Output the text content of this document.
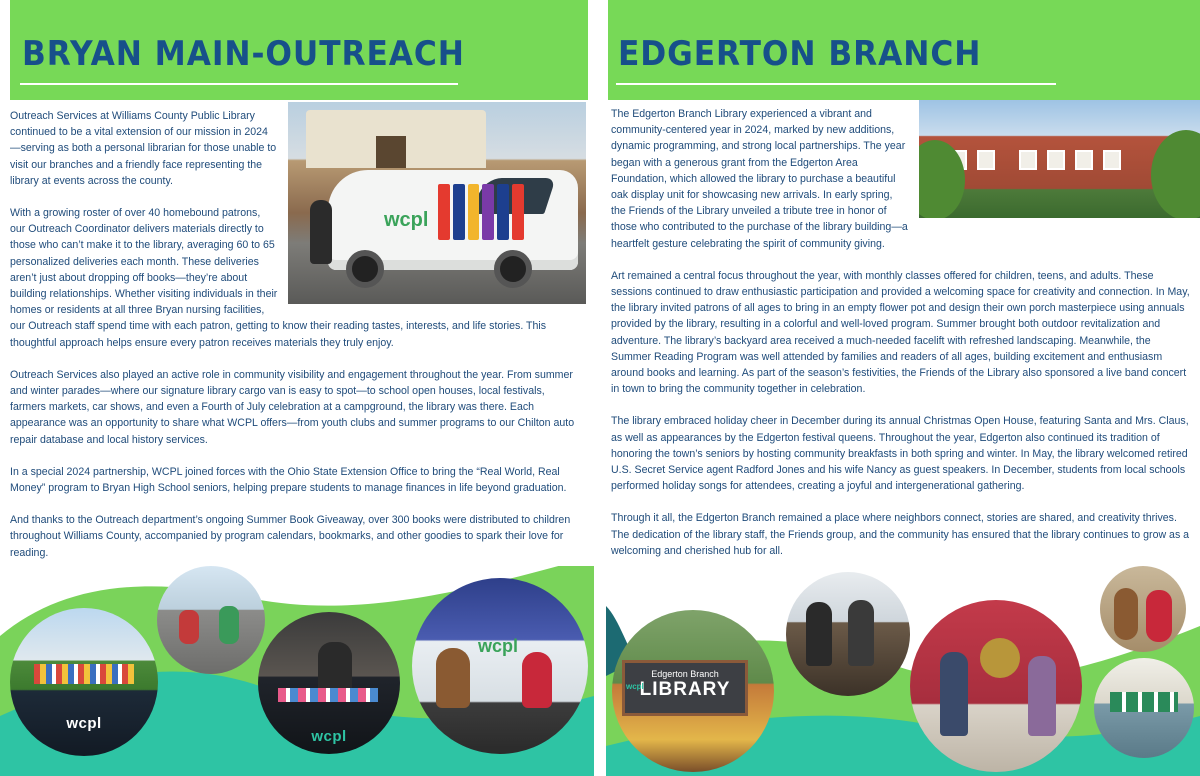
BRYAN MAIN-OUTREACH
wcpl

Outreach Services at Williams County Public Library continued to be a vital extension of our mission in 2024—serving as both a personal librarian for those unable to visit our branches and a friendly face representing the library at events across the county.

With a growing roster of over 40 homebound patrons, our Outreach Coordinator delivers materials directly to those who can’t make it to the library, averaging 60 to 65 personalized deliveries each month. These deliveries aren’t just about dropping off books—they’re about building relationships. Whether visiting individuals in their homes or residents at all three Bryan nursing facilities, our Outreach staff spend time with each patron, getting to know their reading tastes, interests, and life stories. This thoughtful approach helps ensure every patron receives materials they truly enjoy.

Outreach Services also played an active role in community visibility and engagement throughout the year. From summer and winter parades—where our signature library cargo van is easy to spot—to school open houses, local festivals, farmers markets, car shows, and even a Fourth of July celebration at a campground, the library was there. Each appearance was an opportunity to share what WCPL offers—from youth clubs and summer programs to our Chilton auto repair database and local history services.

In a special 2024 partnership, WCPL joined forces with the Ohio State Extension Office to bring the “Real World, Real Money” program to Bryan High School seniors, helping prepare students to manage finances in life beyond graduation.

And thanks to the Outreach department’s ongoing Summer Book Giveaway, over 300 books were distributed to children throughout Williams County, accompanied by program calendars, bookmarks, and other goodies to spark their love for reading.

wcpl
wcpl
wcpl
EDGERTON BRANCH

The Edgerton Branch Library experienced a vibrant and community-centered year in 2024, marked by new additions, dynamic programming, and strong local partnerships. The year began with a generous grant from the Edgerton Area Foundation, which allowed the library to purchase a beautiful oak display unit for showcasing new arrivals. In early spring, the Friends of the Library unveiled a tribute tree in honor of those who contributed to the purchase of the library building—a heartfelt gesture celebrating the spirit of community giving.

Art remained a central focus throughout the year, with monthly classes offered for children, teens, and adults. These sessions continued to draw enthusiastic participation and provided a welcoming space for creativity and connection. In May, the library invited patrons of all ages to bring in an empty flower pot and design their own porch masterpiece using annuals provided by the library, resulting in a colorful and well-loved program. Summer brought both outdoor revitalization and adventure. The library’s backyard area received a much-needed facelift with refreshed landscaping. Meanwhile, the Summer Reading Program was well attended by families and readers of all ages, building excitement and enthusiasm around books and learning. As part of the season’s festivities, the Friends of the Library also sponsored a live band concert in town to bring the community together in celebration.

The library embraced holiday cheer in December during its annual Christmas Open House, featuring Santa and Mrs. Claus, as well as appearances by the Edgerton festival queens. Throughout the year, Edgerton also continued its tradition of honoring the town’s seniors by hosting community breakfasts in both spring and winter. In May, the library welcomed retired U.S. Secret Service agent Radford Jones and his wife Nancy as guest speakers. In December, students from local schools performed holiday songs for attendees, creating a joyful and intergenerational gathering.

Through it all, the Edgerton Branch remained a place where neighbors connect, stories are shared, and creativity thrives. The dedication of the library staff, the Friends group, and the community has ensured that the library continues to grow as a welcoming and cherished hub for all.

Edgerton Branch
LIBRARY
wcpl
